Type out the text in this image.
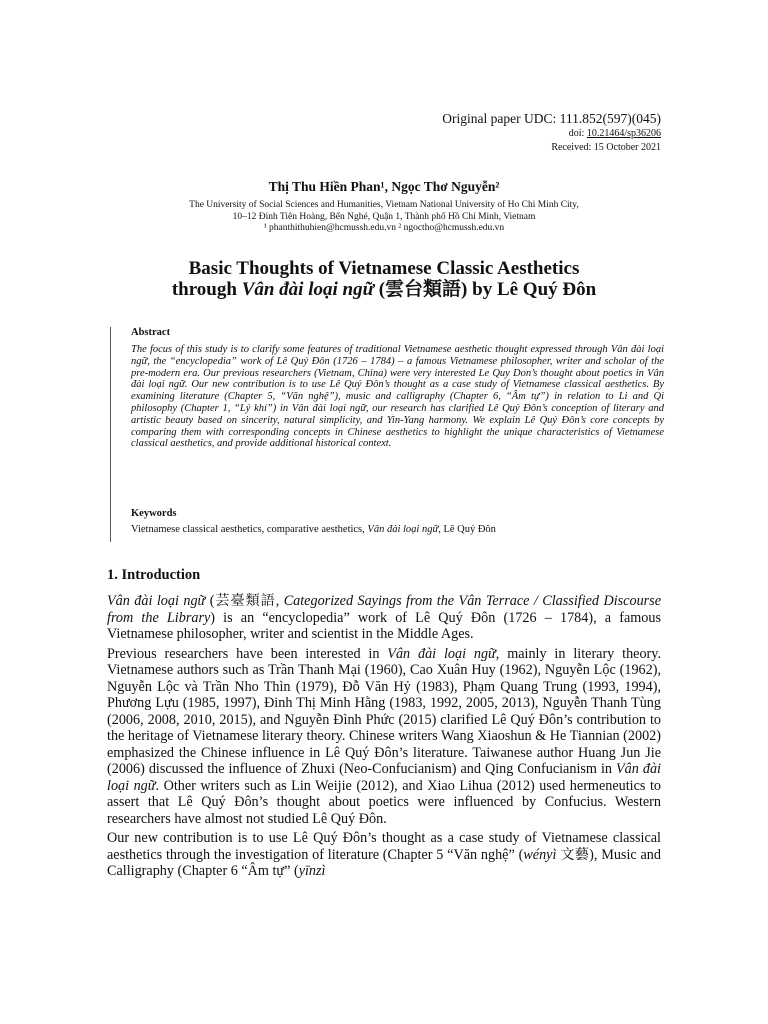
Original paper UDC: 111.852(597)(045)
doi: 10.21464/sp36206
Received: 15 October 2021
Thị Thu Hiền Phan¹, Ngọc Thơ Nguyễn²
The University of Social Sciences and Humanities, Vietnam National University of Ho Chi Minh City,
10–12 Đinh Tiên Hoàng, Bến Nghé, Quận 1, Thành phố Hồ Chí Minh, Vietnam
¹ phanthithuhien@hcmussh.edu.vn ² ngoctho@hcmussh.edu.vn
Basic Thoughts of Vietnamese Classic Aesthetics
through Vân đài loại ngữ (雲台類語) by Lê Quý Đôn
Abstract

The focus of this study is to clarify some features of traditional Vietnamese aesthetic thought expressed through Vân đài loại ngữ, the “encyclopedia” work of Lê Quý Đôn (1726 – 1784) – a famous Vietnamese philosopher, writer and scholar of the pre-modern era. Our previous researchers (Vietnam, China) were very interested Le Quy Don’s thought about poetics in Vân đài loại ngữ. Our new contribution is to use Lê Quý Đôn’s thought as a case study of Vietnamese classical aesthetics. By examining literature (Chapter 5, “Văn nghệ”), music and calligraphy (Chapter 6, “Âm tự”) in relation to Li and Qi philosophy (Chapter 1, “Lý khí”) in Vân đài loại ngữ, our research has clarified Lê Quý Đôn’s conception of literary and artistic beauty based on sincerity, natural simplicity, and Yin-Yang harmony. We explain Lê Quý Đôn’s core concepts by comparing them with corresponding concepts in Chinese aesthetics to highlight the unique characteristics of Vietnamese classical aesthetics, and provide additional historical context.

Keywords
Vietnamese classical aesthetics, comparative aesthetics, Vân đài loại ngữ, Lê Quý Đôn
1. Introduction

Vân đài loại ngữ (芸臺類語, Categorized Sayings from the Vân Terrace / Classified Discourse from the Library) is an “encyclopedia” work of Lê Quý Đôn (1726 – 1784), a famous Vietnamese philosopher, writer and scientist in the Middle Ages.

Previous researchers have been interested in Vân đài loại ngữ, mainly in literary theory. Vietnamese authors such as Trần Thanh Mại (1960), Cao Xuân Huy (1962), Nguyễn Lộc (1962), Nguyễn Lộc và Trần Nho Thìn (1979), Đỗ Văn Hỷ (1983), Phạm Quang Trung (1993, 1994), Phương Lựu (1985, 1997), Đinh Thị Minh Hằng (1983, 1992, 2005, 2013), Nguyễn Thanh Tùng (2006, 2008, 2010, 2015), and Nguyễn Đình Phức (2015) clarified Lê Quý Đôn’s contribution to the heritage of Vietnamese literary theory. Chinese writers Wang Xiaoshun & He Tiannian (2002) emphasized the Chinese influence in Lê Quý Đôn’s literature. Taiwanese author Huang Jun Jie (2006) discussed the influence of Zhuxi (Neo-Confucianism) and Qing Confucianism in Vân đài loại ngữ. Other writers such as Lin Weijie (2012), and Xiao Lihua (2012) used hermeneutics to assert that Lê Quý Đôn’s thought about poetics were influenced by Confucius. Western researchers have almost not studied Lê Quý Đôn.

Our new contribution is to use Lê Quý Đôn’s thought as a case study of Vietnamese classical aesthetics through the investigation of literature (Chapter 5 “Văn nghệ” (wényì 文藝), Music and Calligraphy (Chapter 6 “Âm tự” (yīnzì
